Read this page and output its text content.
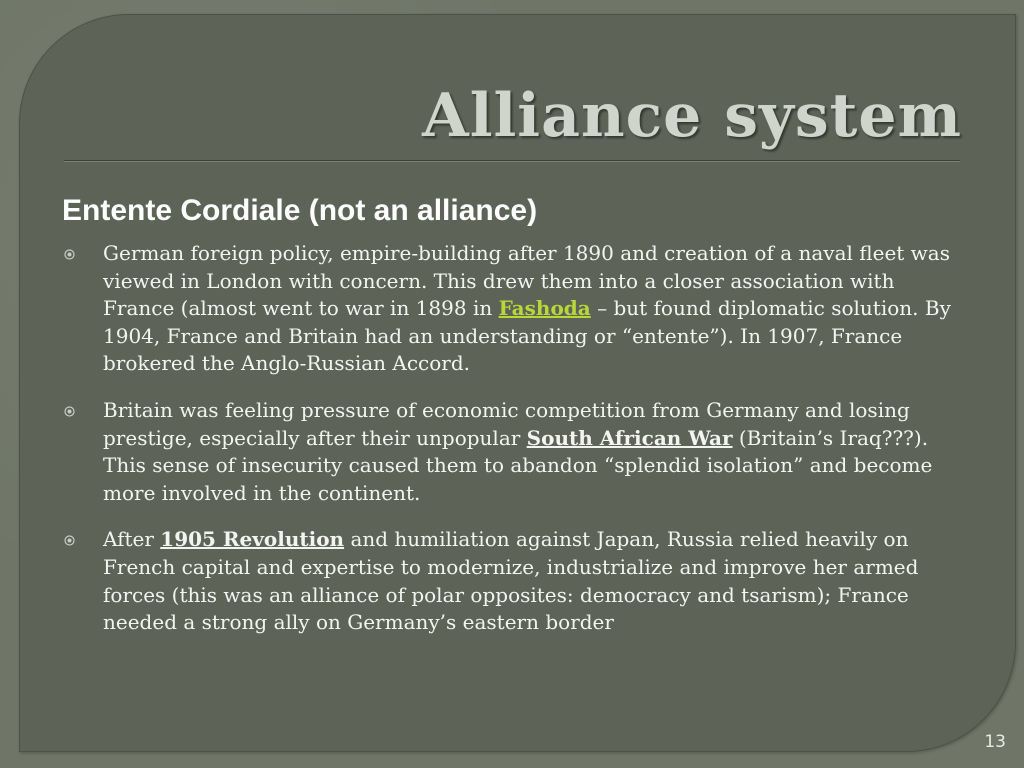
Alliance system
Entente Cordiale (not an alliance)
German foreign policy, empire-building after 1890 and creation of a naval fleet was viewed in London with concern. This drew them into a closer association with France (almost went to war in 1898 in Fashoda – but found diplomatic solution. By 1904, France and Britain had an understanding or “entente”). In 1907, France brokered the Anglo-Russian Accord.
Britain was feeling pressure of economic competition from Germany and losing prestige, especially after their unpopular South African War (Britain’s Iraq???). This sense of insecurity caused them to abandon “splendid isolation” and become more involved in the continent.
After 1905 Revolution and humiliation against Japan, Russia relied heavily on French capital and expertise to modernize, industrialize and improve her armed forces (this was an alliance of polar opposites: democracy and tsarism); France needed a strong ally on Germany’s eastern border
13
